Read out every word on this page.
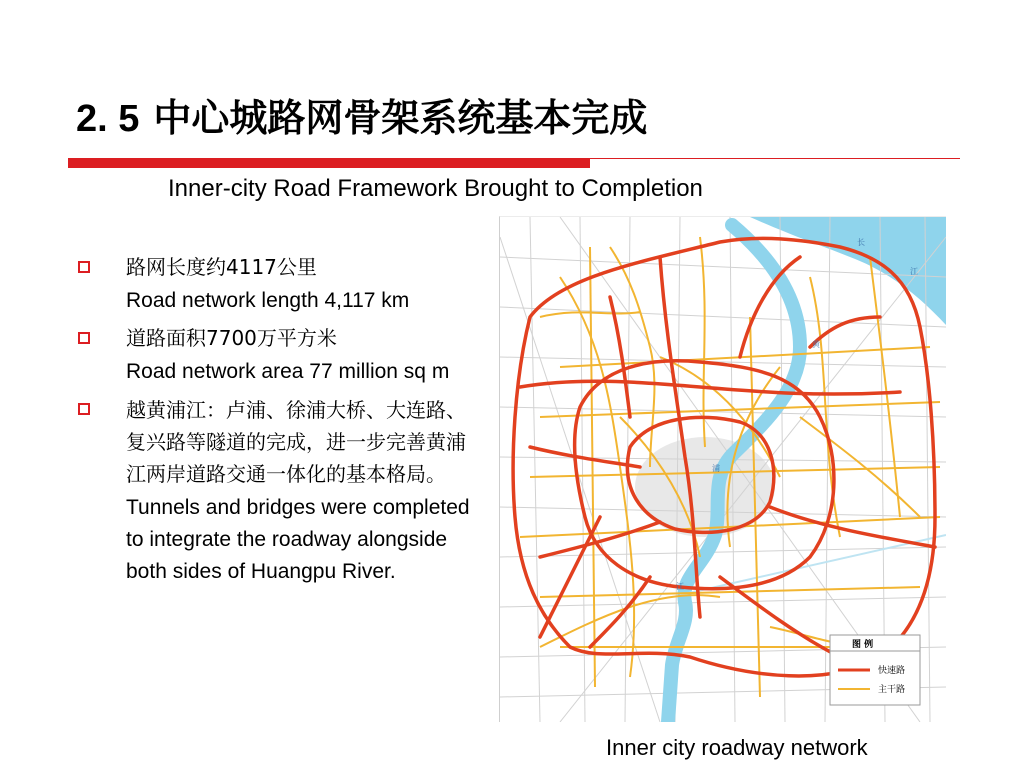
2. 5 中心城路网骨架系统基本完成
Inner-city Road Framework Brought to Completion
路网长度约4117公里
Road network length 4,117 km
道路面积7700万平方米
Road network area 77 million sq m
越黄浦江：卢浦、徐浦大桥、大连路、复兴路等隧道的完成，进一步完善黄浦江两岸道路交通一体化的基本格局。
Tunnels and bridges were completed to integrate the roadway alongside both sides of Huangpu River.
长
江
黄
浦
江
图 例
快速路
主干路
Inner city roadway network
